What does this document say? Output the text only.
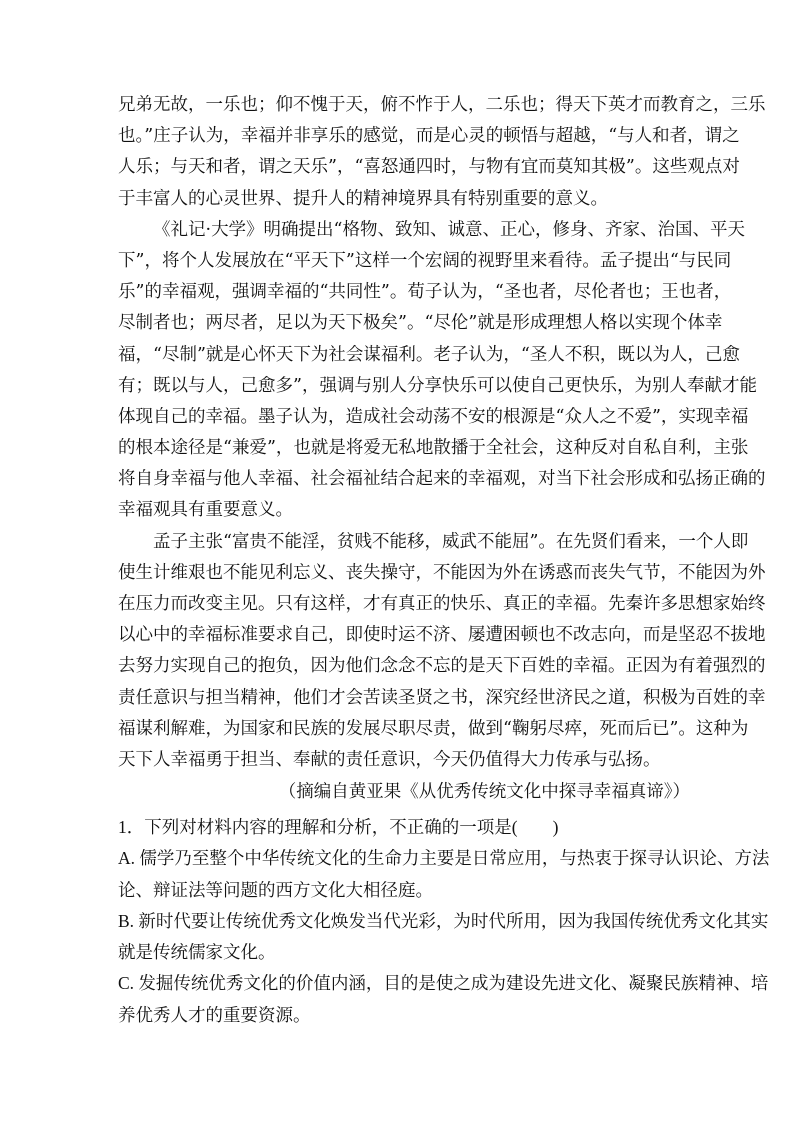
兄弟无故，一乐也；仰不愧于天，俯不怍于人，二乐也；得天下英才而教育之，三乐
也。”庄子认为，幸福并非享乐的感觉，而是心灵的顿悟与超越，“与人和者，谓之
人乐；与天和者，谓之天乐”，“喜怒通四时，与物有宜而莫知其极”。这些观点对
于丰富人的心灵世界、提升人的精神境界具有特别重要的意义。
《礼记·大学》明确提出“格物、致知、诚意、正心，修身、齐家、治国、平天
下”，将个人发展放在“平天下”这样一个宏阔的视野里来看待。孟子提出“与民同
乐”的幸福观，强调幸福的“共同性”。荀子认为，“圣也者，尽伦者也；王也者，
尽制者也；两尽者，足以为天下极矣”。“尽伦”就是形成理想人格以实现个体幸
福，“尽制”就是心怀天下为社会谋福利。老子认为，“圣人不积，既以为人，己愈
有；既以与人，己愈多”，强调与别人分享快乐可以使自己更快乐，为别人奉献才能
体现自己的幸福。墨子认为，造成社会动荡不安的根源是“众人之不爱”，实现幸福
的根本途径是“兼爱”，也就是将爱无私地散播于全社会，这种反对自私自利，主张
将自身幸福与他人幸福、社会福祉结合起来的幸福观，对当下社会形成和弘扬正确的
幸福观具有重要意义。
孟子主张“富贵不能淫，贫贱不能移，威武不能屈”。在先贤们看来，一个人即
使生计维艰也不能见利忘义、丧失操守，不能因为外在诱惑而丧失气节，不能因为外
在压力而改变主见。只有这样，才有真正的快乐、真正的幸福。先秦许多思想家始终
以心中的幸福标准要求自己，即使时运不济、屡遭困顿也不改志向，而是坚忍不拔地
去努力实现自己的抱负，因为他们念念不忘的是天下百姓的幸福。正因为有着强烈的
责任意识与担当精神，他们才会苦读圣贤之书，深究经世济民之道，积极为百姓的幸
福谋利解难，为国家和民族的发展尽职尽责，做到“鞠躬尽瘁，死而后已”。这种为
天下人幸福勇于担当、奉献的责任意识，今天仍值得大力传承与弘扬。
（摘编自黄亚果《从优秀传统文化中探寻幸福真谛》）
1．下列对材料内容的理解和分析，不正确的一项是(　　)
A. 儒学乃至整个中华传统文化的生命力主要是日常应用，与热衷于探寻认识论、方法
论、辩证法等问题的西方文化大相径庭。
B. 新时代要让传统优秀文化焕发当代光彩，为时代所用，因为我国传统优秀文化其实
就是传统儒家文化。
C. 发掘传统优秀文化的价值内涵，目的是使之成为建设先进文化、凝聚民族精神、培
养优秀人才的重要资源。
